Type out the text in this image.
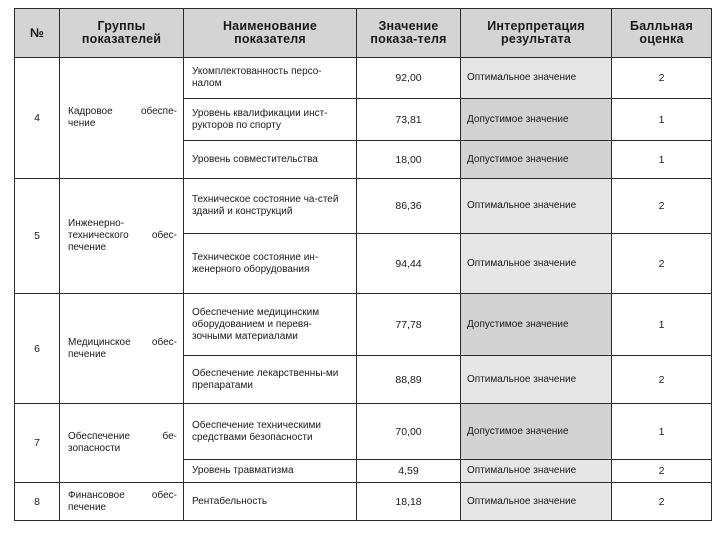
№	Группы показателей	Наименование показателя	Значение показа-теля	Интерпретация результата	Балльная оценка
4	Кадровое обеспе-чение	Укомплектованность персо-налом	92,00	Оптимальное значение	2
		Уровень квалификации инст-рукторов по спорту	73,81	Допустимое значение	1
		Уровень совместительства	18,00	Допустимое значение	1
5	Инженерно-технического обес-печение	Техническое состояние ча-стей зданий и конструкций	86,36	Оптимальное значение	2
		Техническое состояние ин-женерного оборудования	94,44	Оптимальное значение	2
6	Медицинское обес-печение	Обеспечение медицинским оборудованием и перевя-зочными материалами	77,78	Допустимое значение	1
		Обеспечение лекарственны-ми препаратами	88,89	Оптимальное значение	2
7	Обеспечение бе-зопасности	Обеспечение техническими средствами безопасности	70,00	Допустимое значение	1
		Уровень травматизма	4,59	Оптимальное значение	2
8	Финансовое обес-печение	Рентабельность	18,18	Оптимальное значение	2
